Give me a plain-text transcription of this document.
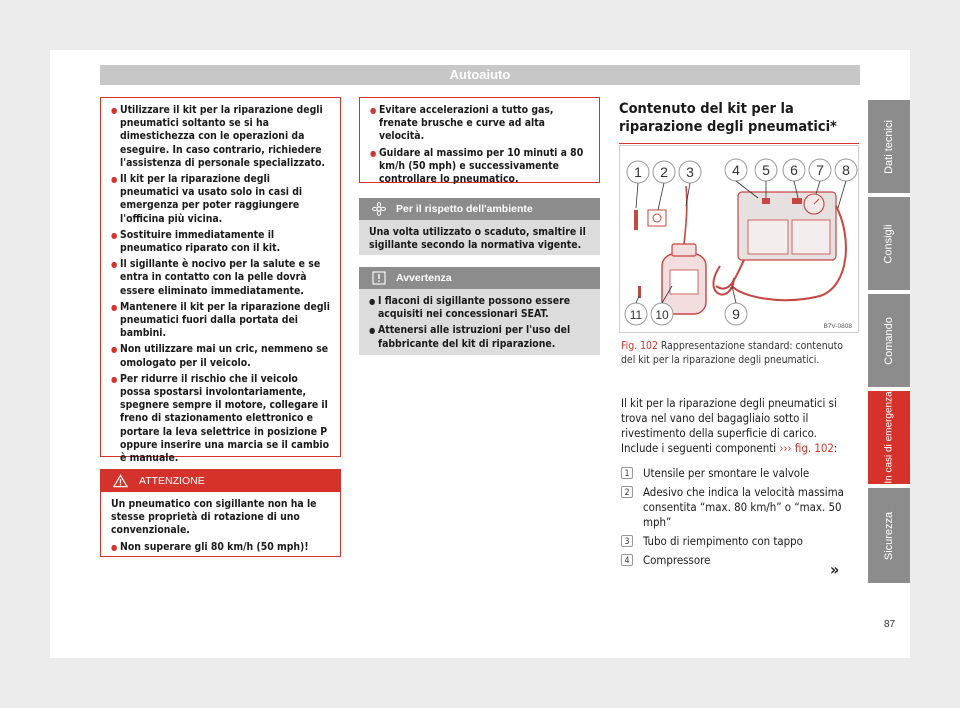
Autoaiuto
● Utilizzare il kit per la riparazione degli pneumatici soltanto se si ha dimestichezza con le operazioni da eseguire. In caso contrario, richiedere l'assistenza di personale specializzato.
● Il kit per la riparazione degli pneumatici va usato solo in casi di emergenza per poter raggiungere l'officina più vicina.
● Sostituire immediatamente il pneumatico riparato con il kit.
● Il sigillante è nocivo per la salute e se entra in contatto con la pelle dovrà essere eliminato immediatamente.
● Mantenere il kit per la riparazione degli pneumatici fuori dalla portata dei bambini.
● Non utilizzare mai un cric, nemmeno se omologato per il veicolo.
● Per ridurre il rischio che il veicolo possa spostarsi involontariamente, spegnere sempre il motore, collegare il freno di stazionamento elettronico e portare la leva selettrice in posizione P oppure inserire una marcia se il cambio è manuale.
ATTENZIONE
Un pneumatico con sigillante non ha le stesse proprietà di rotazione di uno convenzionale.
● Non superare gli 80 km/h (50 mph)!
● Evitare accelerazioni a tutto gas, frenate brusche e curve ad alta velocità.
● Guidare al massimo per 10 minuti a 80 km/h (50 mph) e successivamente controllare lo pneumatico.
Per il rispetto dell'ambiente
Una volta utilizzato o scaduto, smaltire il sigillante secondo la normativa vigente.
Avvertenza
● I flaconi di sigillante possono essere acquisiti nei concessionari SEAT.
● Attenersi alle istruzioni per l'uso del fabbricante del kit di riparazione.
Contenuto del kit per la riparazione degli pneumatici*
1 2 3	4 5 6 7 8
9
10
11
B7V-0808
Fig. 102 Rappresentazione standard: contenuto del kit per la riparazione degli pneumatici.
Il kit per la riparazione degli pneumatici si trova nel vano del bagagliaio sotto il rivestimento della superficie di carico. Include i seguenti componenti ››› fig. 102:
1	Utensile per smontare le valvole
2	Adesivo che indica la velocità massima consentita “max. 80 km/h” o “max. 50 mph”
3	Tubo di riempimento con tappo
4	Compressore	»
Dati tecnici
Consigli
Comando
In casi di emergenza
Sicurezza
87
